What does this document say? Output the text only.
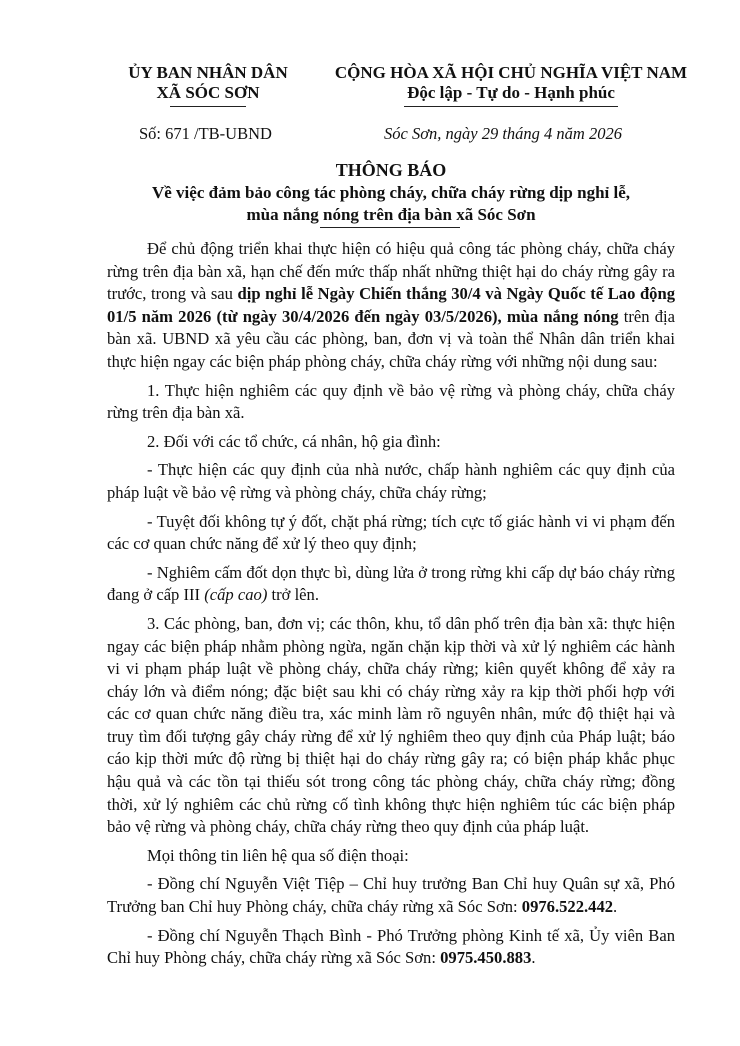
ỦY BAN NHÂN DÂN
XÃ SÓC SƠN
CỘNG HÒA XÃ HỘI CHỦ NGHĨA VIỆT NAM
Độc lập - Tự do - Hạnh phúc
Số: 671 /TB-UBND	Sóc Sơn, ngày 29 tháng 4 năm 2026
THÔNG BÁO
Về việc đảm bảo công tác phòng cháy, chữa cháy rừng dịp nghỉ lễ,
mùa nắng nóng trên địa bàn xã Sóc Sơn

Để chủ động triển khai thực hiện có hiệu quả công tác phòng cháy, chữa cháy rừng trên địa bàn xã, hạn chế đến mức thấp nhất những thiệt hại do cháy rừng gây ra trước, trong và sau dịp nghỉ lễ Ngày Chiến thắng 30/4 và Ngày Quốc tế Lao động 01/5 năm 2026 (từ ngày 30/4/2026 đến ngày 03/5/2026), mùa nắng nóng trên địa bàn xã. UBND xã yêu cầu các phòng, ban, đơn vị và toàn thể Nhân dân triển khai thực hiện ngay các biện pháp phòng cháy, chữa cháy rừng với những nội dung sau:

1. Thực hiện nghiêm các quy định về bảo vệ rừng và phòng cháy, chữa cháy rừng trên địa bàn xã.

2. Đối với các tổ chức, cá nhân, hộ gia đình:

- Thực hiện các quy định của nhà nước, chấp hành nghiêm các quy định của pháp luật về bảo vệ rừng và phòng cháy, chữa cháy rừng;

- Tuyệt đối không tự ý đốt, chặt phá rừng; tích cực tố giác hành vi vi phạm đến các cơ quan chức năng để xử lý theo quy định;

- Nghiêm cấm đốt dọn thực bì, dùng lửa ở trong rừng khi cấp dự báo cháy rừng đang ở cấp III (cấp cao) trở lên.

3. Các phòng, ban, đơn vị; các thôn, khu, tổ dân phố trên địa bàn xã: thực hiện ngay các biện pháp nhằm phòng ngừa, ngăn chặn kịp thời và xử lý nghiêm các hành vi vi phạm pháp luật về phòng cháy, chữa cháy rừng; kiên quyết không để xảy ra cháy lớn và điểm nóng; đặc biệt sau khi có cháy rừng xảy ra kịp thời phối hợp với các cơ quan chức năng điều tra, xác minh làm rõ nguyên nhân, mức độ thiệt hại và truy tìm đối tượng gây cháy rừng để xử lý nghiêm theo quy định của Pháp luật; báo cáo kịp thời mức độ rừng bị thiệt hại do cháy rừng gây ra; có biện pháp khắc phục hậu quả và các tồn tại thiếu sót trong công tác phòng cháy, chữa cháy rừng; đồng thời, xử lý nghiêm các chủ rừng cố tình không thực hiện nghiêm túc các biện pháp bảo vệ rừng và phòng cháy, chữa cháy rừng theo quy định của pháp luật.

Mọi thông tin liên hệ qua số điện thoại:

- Đồng chí Nguyễn Việt Tiệp – Chỉ huy trưởng Ban Chỉ huy Quân sự xã, Phó Trưởng ban Chỉ huy Phòng cháy, chữa cháy rừng xã Sóc Sơn: 0976.522.442.

- Đồng chí Nguyễn Thạch Bình - Phó Trưởng phòng Kinh tế xã, Ủy viên Ban Chỉ huy Phòng cháy, chữa cháy rừng xã Sóc Sơn: 0975.450.883.
